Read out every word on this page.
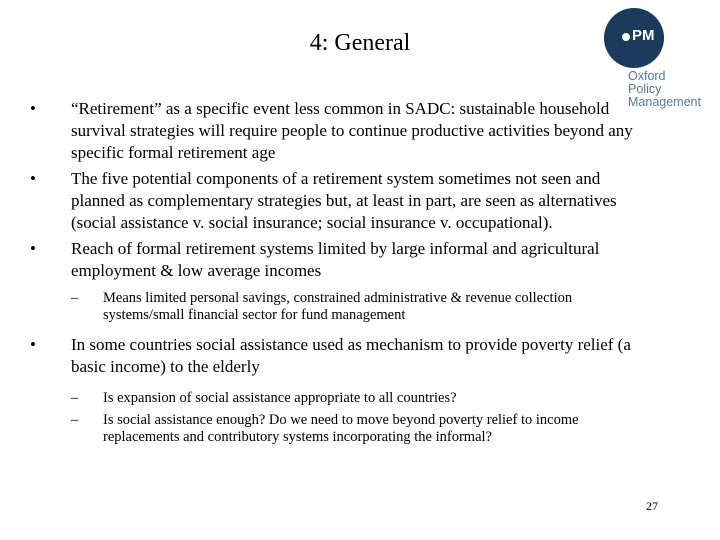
4: General	PM
Oxford
Policy
Management
• “Retirement” as a specific event less common in SADC: sustainable household survival strategies will require people to continue productive activities beyond any specific formal retirement age
• The five potential components of a retirement system sometimes not seen and planned as complementary strategies but, at least in part, are seen as alternatives (social assistance v. social insurance; social insurance v. occupational).
• Reach of formal retirement systems limited by large informal and agricultural employment & low average incomes
– Means limited personal savings, constrained administrative & revenue collection systems/small financial sector for fund management
• In some countries social assistance used as mechanism to provide poverty relief (a basic income) to the elderly
– Is expansion of social assistance appropriate to all countries?
– Is social assistance enough? Do we need to move beyond poverty relief to income replacements and contributory systems incorporating the informal?
27
